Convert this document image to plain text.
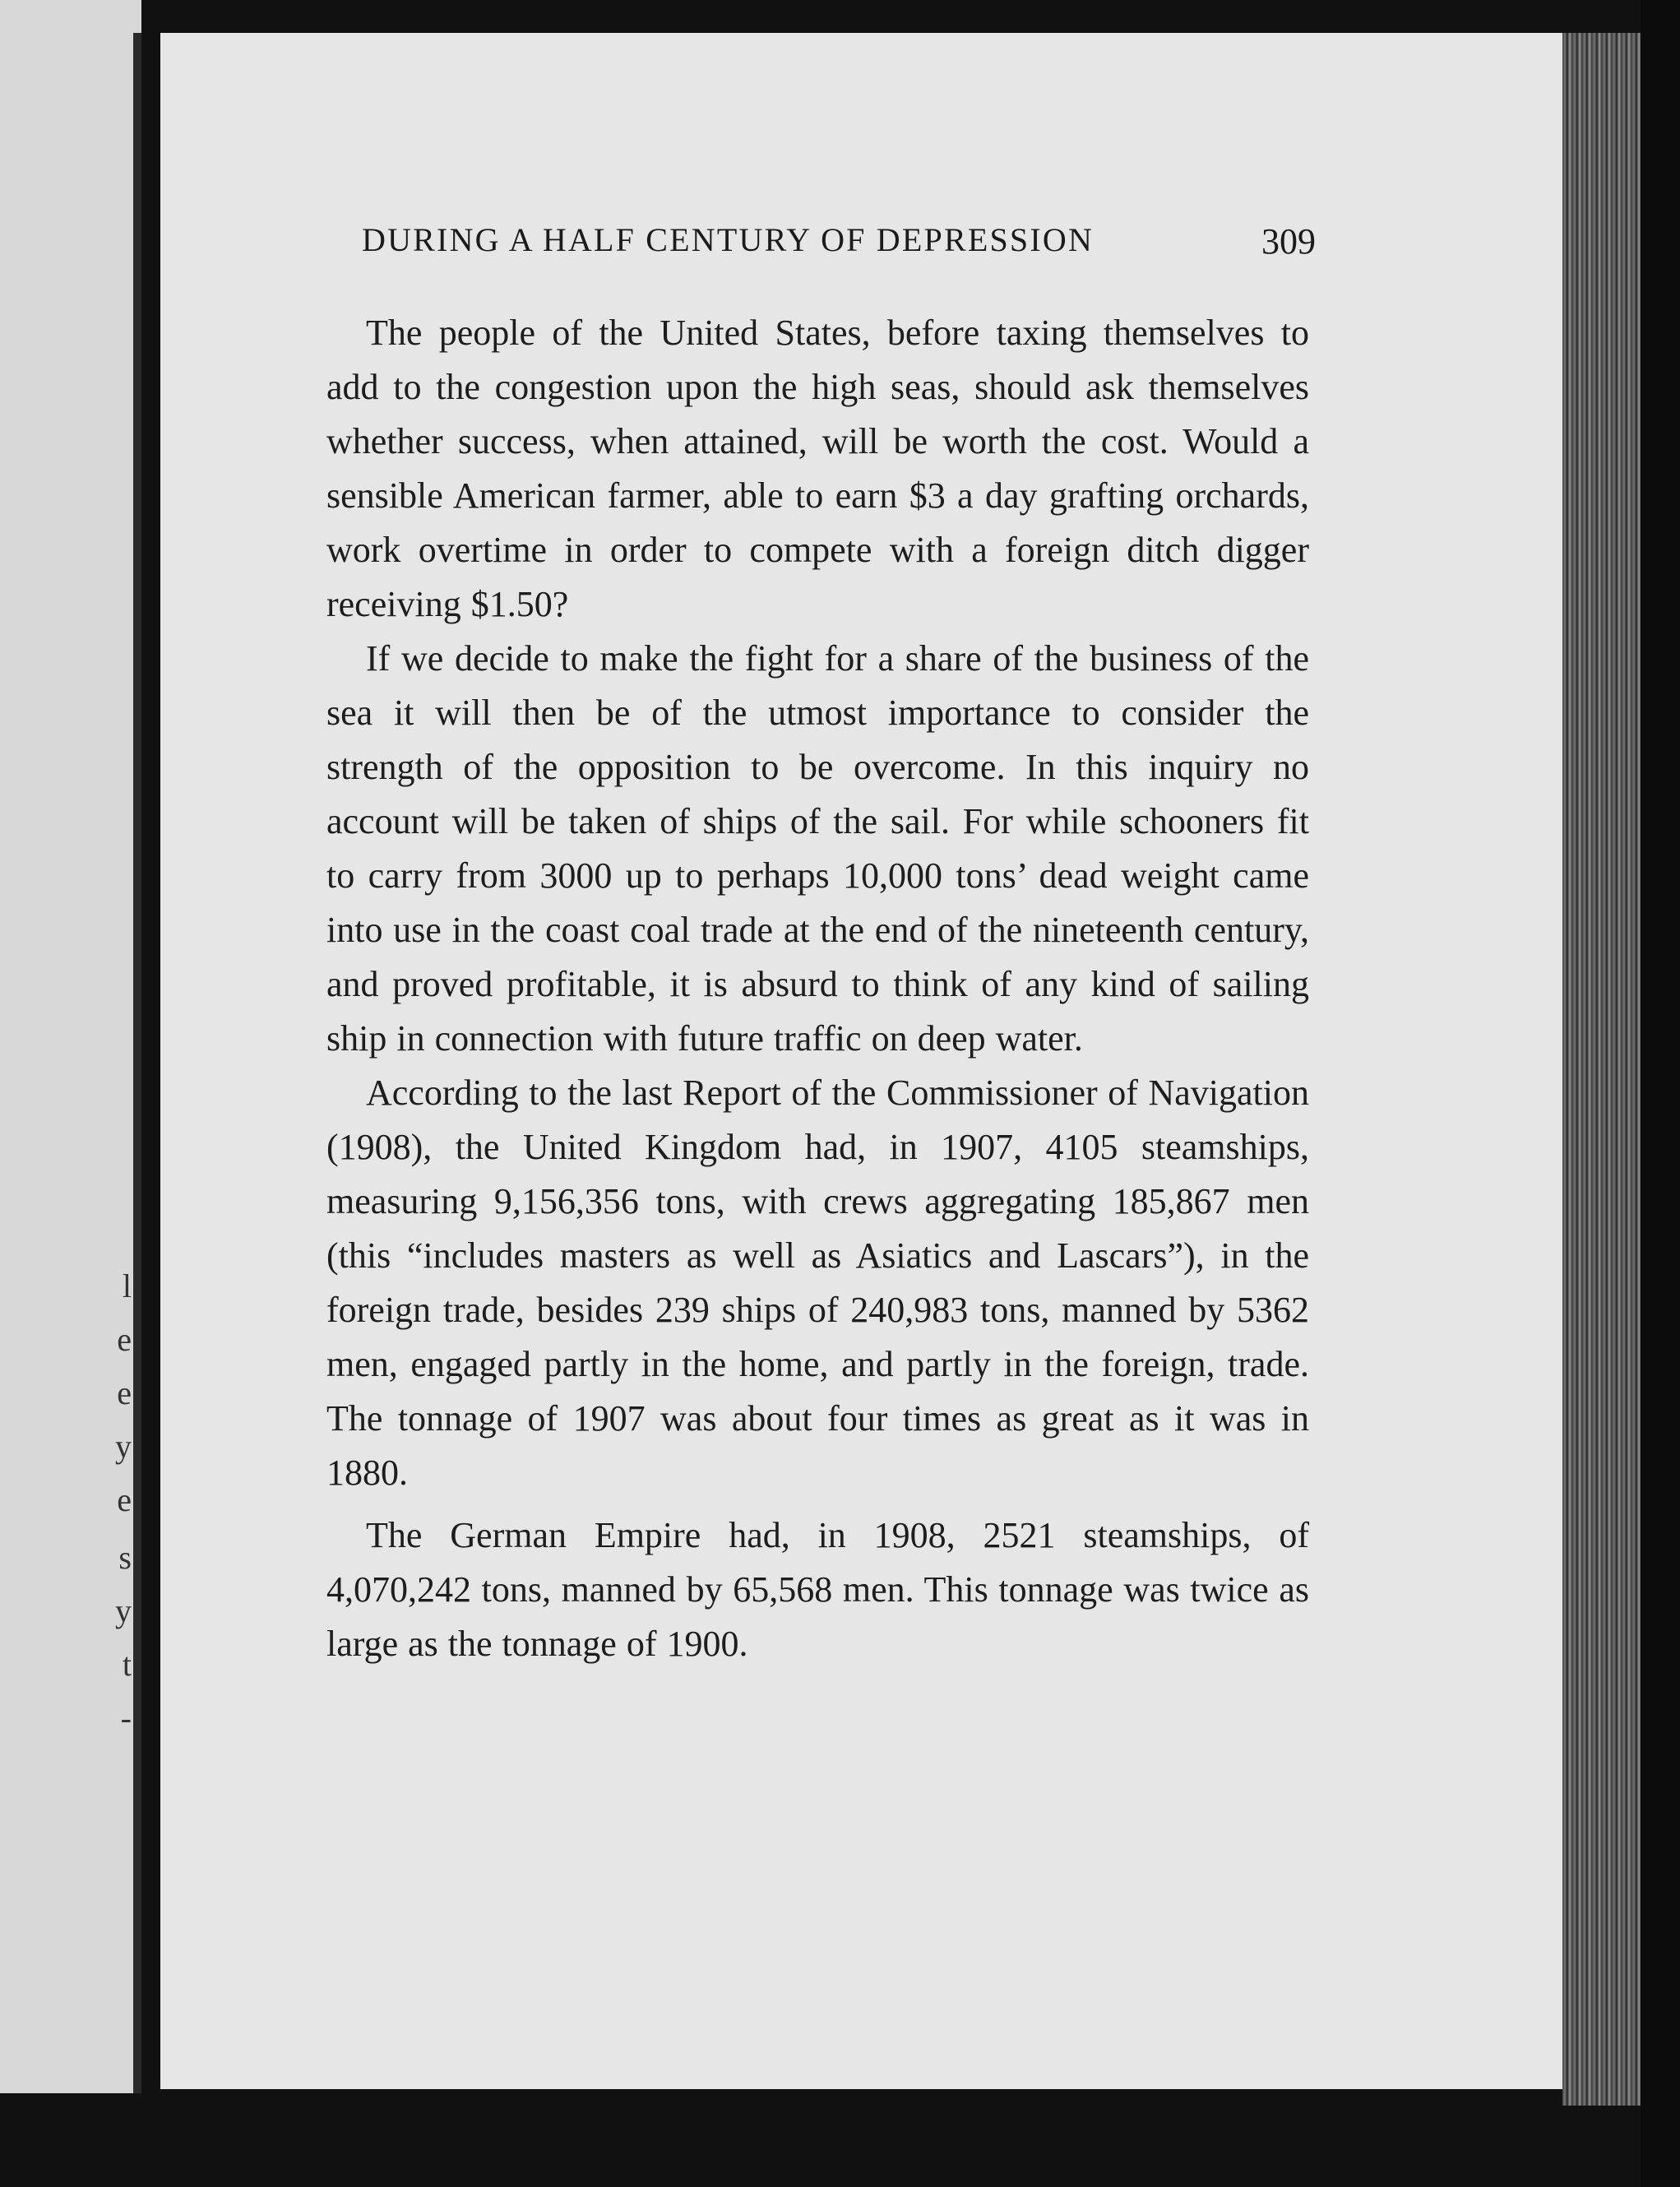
l
e
e
y
e
s
y
t
-
DURING A HALF CENTURY OF DEPRESSION	309

The people of the United States, before taxing themselves to add to the congestion upon the high seas, should ask themselves whether success, when attained, will be worth the cost. Would a sensible American farmer, able to earn $3 a day grafting orchards, work overtime in order to compete with a foreign ditch digger receiving $1.50?

If we decide to make the fight for a share of the business of the sea it will then be of the utmost importance to consider the strength of the opposition to be overcome. In this inquiry no account will be taken of ships of the sail. For while schooners fit to carry from 3000 up to perhaps 10,000 tons’ dead weight came into use in the coast coal trade at the end of the nineteenth century, and proved profitable, it is absurd to think of any kind of sailing ship in connection with future traffic on deep water.

According to the last Report of the Commissioner of Navigation (1908), the United Kingdom had, in 1907, 4105 steamships, measuring 9,156,356 tons, with crews aggregating 185,867 men (this “includes masters as well as Asiatics and Lascars”), in the foreign trade, besides 239 ships of 240,983 tons, manned by 5362 men, engaged partly in the home, and partly in the foreign, trade. The tonnage of 1907 was about four times as great as it was in 1880.

The German Empire had, in 1908, 2521 steamships, of 4,070,242 tons, manned by 65,568 men. This tonnage was twice as large as the tonnage of 1900.
